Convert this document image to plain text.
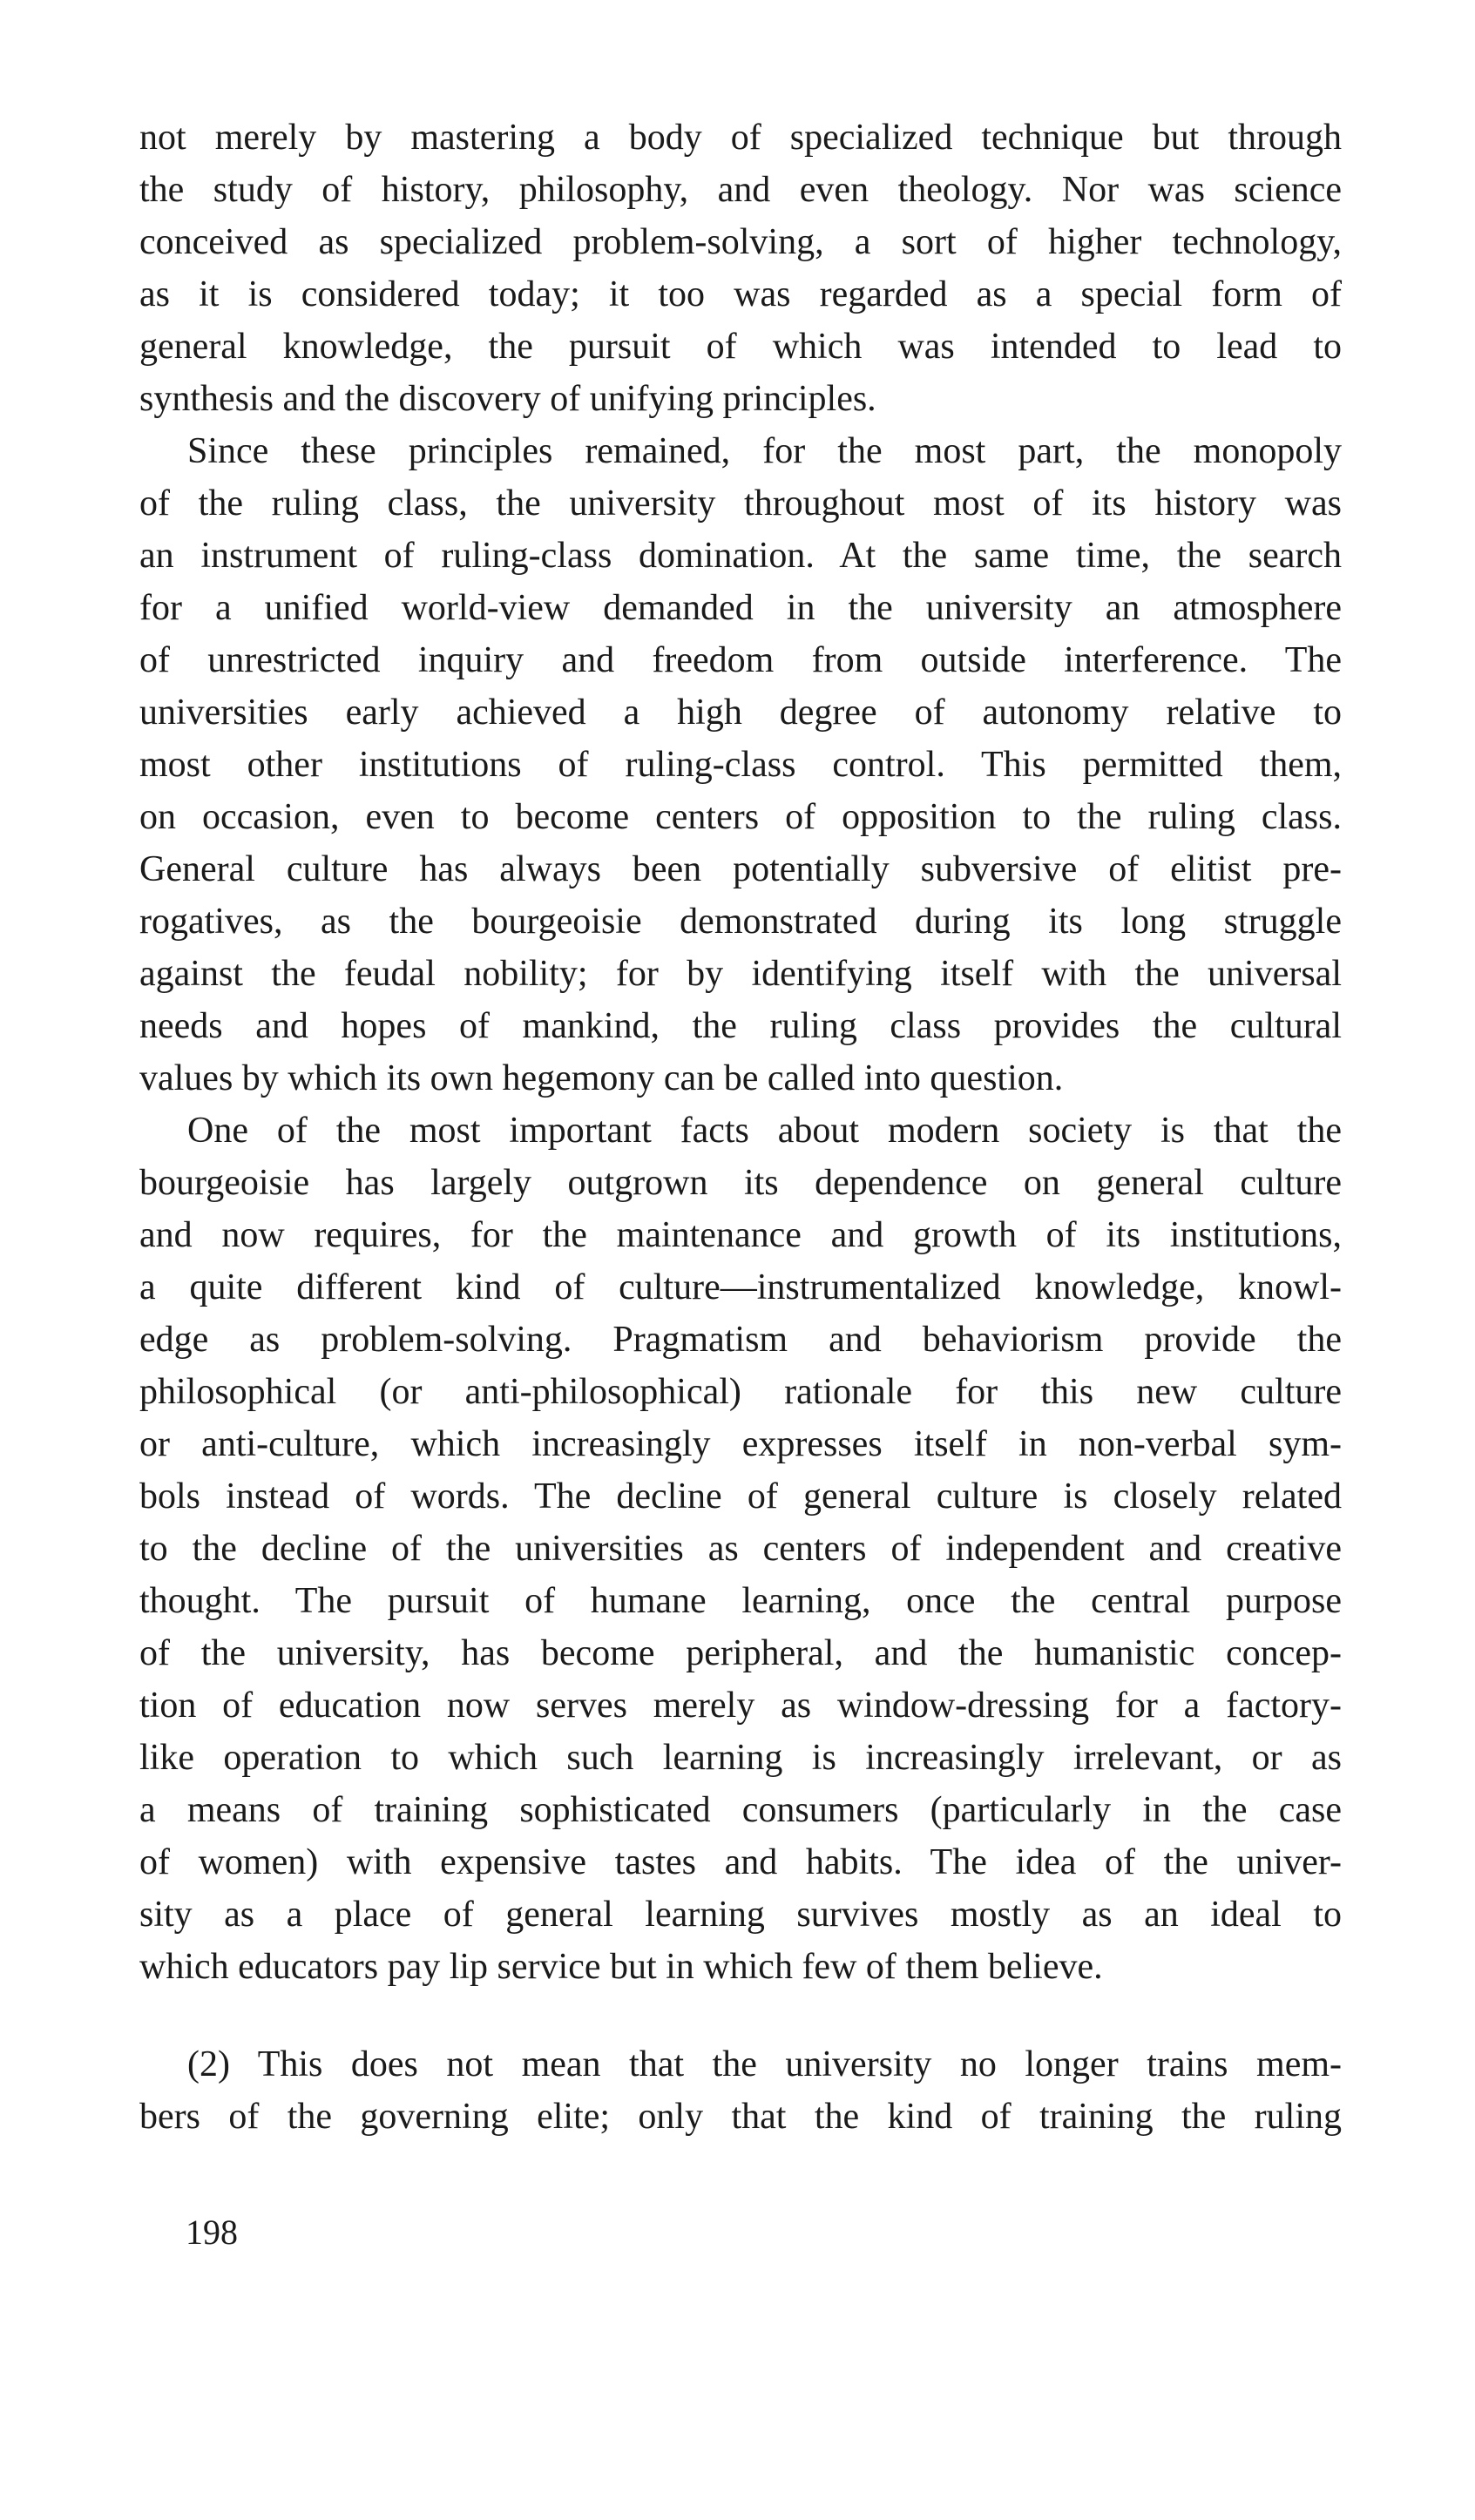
not merely by mastering a body of specialized technique but through
the study of history, philosophy, and even theology. Nor was science
conceived as specialized problem-solving, a sort of higher technology,
as it is considered today; it too was regarded as a special form of
general knowledge, the pursuit of which was intended to lead to
synthesis and the discovery of unifying principles.
Since these principles remained, for the most part, the monopoly
of the ruling class, the university throughout most of its history was
an instrument of ruling-class domination. At the same time, the search
for a unified world-view demanded in the university an atmosphere
of unrestricted inquiry and freedom from outside interference. The
universities early achieved a high degree of autonomy relative to
most other institutions of ruling-class control. This permitted them,
on occasion, even to become centers of opposition to the ruling class.
General culture has always been potentially subversive of elitist pre-
rogatives, as the bourgeoisie demonstrated during its long struggle
against the feudal nobility; for by identifying itself with the universal
needs and hopes of mankind, the ruling class provides the cultural
values by which its own hegemony can be called into question.
One of the most important facts about modern society is that the
bourgeoisie has largely outgrown its dependence on general culture
and now requires, for the maintenance and growth of its institutions,
a quite different kind of culture—instrumentalized knowledge, knowl-
edge as problem-solving. Pragmatism and behaviorism provide the
philosophical (or anti-philosophical) rationale for this new culture
or anti-culture, which increasingly expresses itself in non-verbal sym-
bols instead of words. The decline of general culture is closely related
to the decline of the universities as centers of independent and creative
thought. The pursuit of humane learning, once the central purpose
of the university, has become peripheral, and the humanistic concep-
tion of education now serves merely as window-dressing for a factory-
like operation to which such learning is increasingly irrelevant, or as
a means of training sophisticated consumers (particularly in the case
of women) with expensive tastes and habits. The idea of the univer-
sity as a place of general learning survives mostly as an ideal to
which educators pay lip service but in which few of them believe.
(2) This does not mean that the university no longer trains mem-
bers of the governing elite; only that the kind of training the ruling
198
